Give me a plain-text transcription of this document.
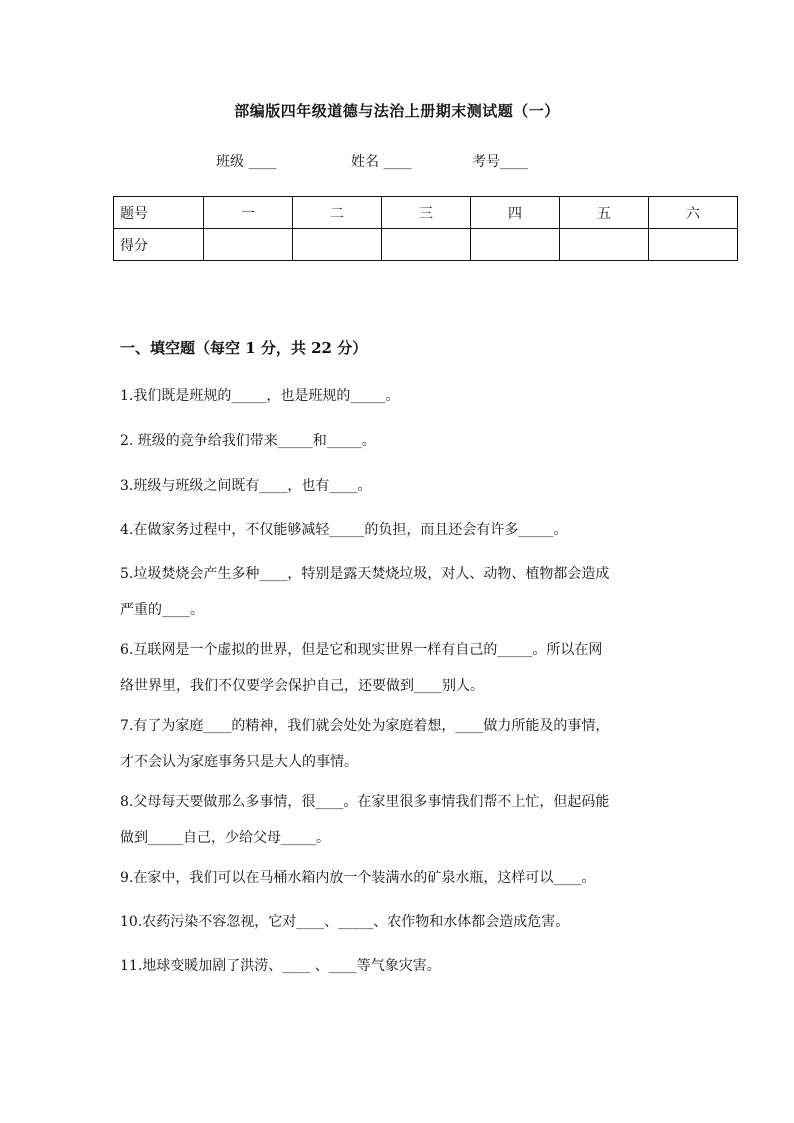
部编版四年级道德与法治上册期末测试题（一）
班级 ____	姓名 ____	考号____
题号	一	二	三	四	五	六
得分						
一、填空题（每空 1 分，共 22 分）
1.我们既是班规的_____，也是班规的_____。
2. 班级的竞争给我们带来_____和_____。
3.班级与班级之间既有____，也有____。
4.在做家务过程中，不仅能够减轻_____的负担，而且还会有许多_____。
5.垃圾焚烧会产生多种____，特别是露天焚烧垃圾，对人、动物、植物都会造成
严重的____。
6.互联网是一个虚拟的世界，但是它和现实世界一样有自己的_____。所以在网
络世界里，我们不仅要学会保护自己，还要做到____别人。
7.有了为家庭____的精神，我们就会处处为家庭着想，____做力所能及的事情，
才不会认为家庭事务只是大人的事情。
8.父母每天要做那么多事情，很____。在家里很多事情我们帮不上忙，但起码能
做到_____自己，少给父母_____。
9.在家中，我们可以在马桶水箱内放一个装满水的矿泉水瓶，这样可以____。
10.农药污染不容忽视，它对____、_____、农作物和水体都会造成危害。
11.地球变暖加剧了洪涝、____ 、____等气象灾害。
